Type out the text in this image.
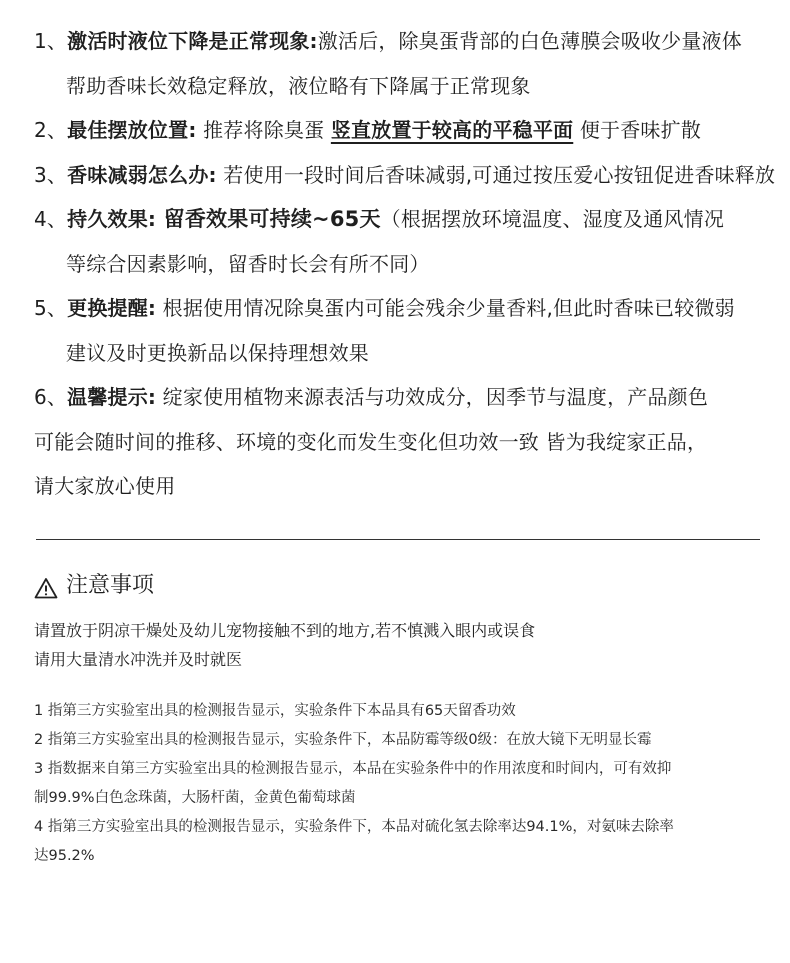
1、激活时液位下降是正常现象:激活后，除臭蛋背部的白色薄膜会吸收少量液体
帮助香味长效稳定释放，液位略有下降属于正常现象
2、最佳摆放位置: 推荐将除臭蛋 竖直放置于较高的平稳平面 便于香味扩散
3、香味减弱怎么办: 若使用一段时间后香味减弱,可通过按压爱心按钮促进香味释放
4、持久效果: 留香效果可持续~65天（根据摆放环境温度、湿度及通风情况
等综合因素影响，留香时长会有所不同）
5、更换提醒: 根据使用情况除臭蛋内可能会残余少量香料,但此时香味已较微弱
建议及时更换新品以保持理想效果
6、温馨提示: 绽家使用植物来源表活与功效成分，因季节与温度，产品颜色
可能会随时间的推移、环境的变化而发生变化但功效一致 皆为我绽家正品，
请大家放心使用
注意事项
请置放于阴凉干燥处及幼儿宠物接触不到的地方,若不慎溅入眼内或误食
请用大量清水冲洗并及时就医
1 指第三方实验室出具的检测报告显示，实验条件下本品具有65天留香功效
2 指第三方实验室出具的检测报告显示，实验条件下，本品防霉等级0级：在放大镜下无明显长霉
3 指数据来自第三方实验室出具的检测报告显示，本品在实验条件中的作用浓度和时间内，可有效抑
制99.9%白色念珠菌，大肠杆菌，金黄色葡萄球菌
4 指第三方实验室出具的检测报告显示，实验条件下，本品对硫化氢去除率达94.1%，对氨味去除率
达95.2%
